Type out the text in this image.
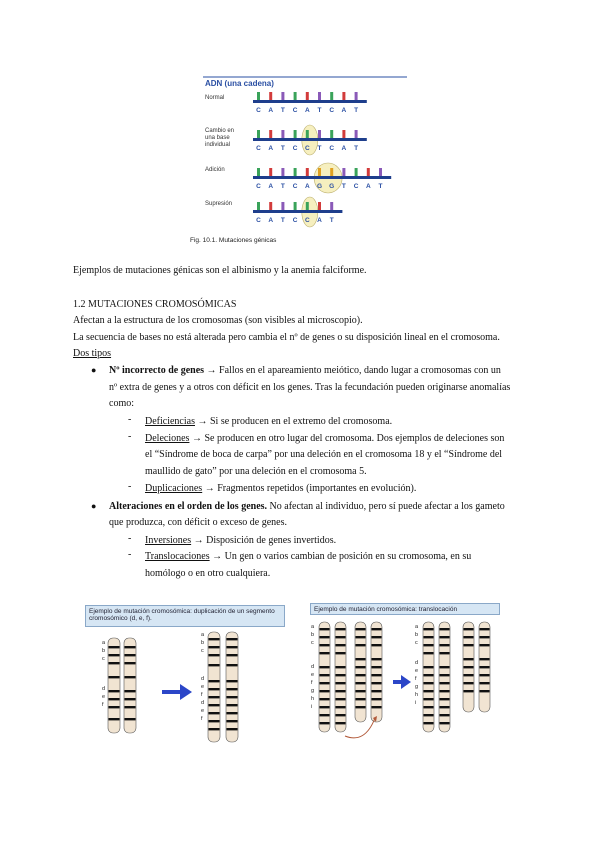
C A T C A T C A T
C A T C C T C A T
C A T C A G G T C A T
C A T C C A T
ADN (una cadena)
Normal
Cambio en una base individual
Adición
Supresión
Fig. 10.1. Mutaciones génicas
Ejemplos de mutaciones génicas son el albinismo y la anemia falciforme.
1.2 MUTACIONES CROMOSÓMICAS
Afectan a la estructura de los cromosomas (son visibles al microscopio).
La secuencia de bases no está alterada pero cambia el nº de genes o su disposición lineal en el cromosoma.
Dos tipos
● Nº incorrecto de genes → Fallos en el apareamiento meiótico, dando lugar a cromosomas con un
nº extra de genes y a otros con déficit en los genes. Tras la fecundación pueden originarse anomalías
como:
- Deficiencias → Si se producen en el extremo del cromosoma.
- Deleciones → Se producen en otro lugar del cromosoma. Dos ejemplos de deleciones son
el “Síndrome de boca de carpa” por una deleción en el cromosoma 18 y el “Síndrome del
maullido de gato” por una deleción en el cromosoma 5.
- Duplicaciones → Fragmentos repetidos (importantes en evolución).
● Alteraciones en el orden de los genes. No afectan al individuo, pero sí puede afectar a los gameto
que produzca, con déficit o exceso de genes.
- Inversiones → Disposición de genes invertidos.
- Translocaciones → Un gen o varios cambian de posición en su cromosoma, en su
homólogo o en otro cualquiera.
Ejemplo de mutación cromosómica: duplicación de un segmento cromosómico (d, e, f).
a
b
c
d
e
f
a
b
c
d
e
f
d
e
f
Ejemplo de mutación cromosómica: translocación
a
b
c
d
e
f
g
h
i
a
b
c
d
e
f
g
h
i
